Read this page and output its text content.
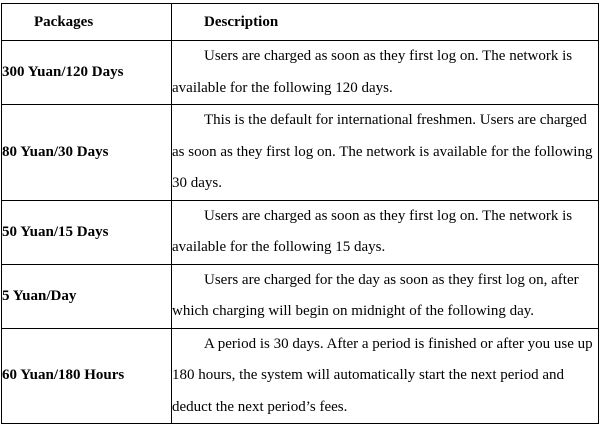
Packages	Description
300 Yuan/120 Days	Users are charged as soon as they first log on. The network is available for the following 120 days.
80 Yuan/30 Days	This is the default for international freshmen. Users are charged as soon as they first log on. The network is available for the following 30 days.
50 Yuan/15 Days	Users are charged as soon as they first log on. The network is available for the following 15 days.
5 Yuan/Day	Users are charged for the day as soon as they first log on, after which charging will begin on midnight of the following day.
60 Yuan/180 Hours	A period is 30 days. After a period is finished or after you use up 180 hours, the system will automatically start the next period and deduct the next period’s fees.
